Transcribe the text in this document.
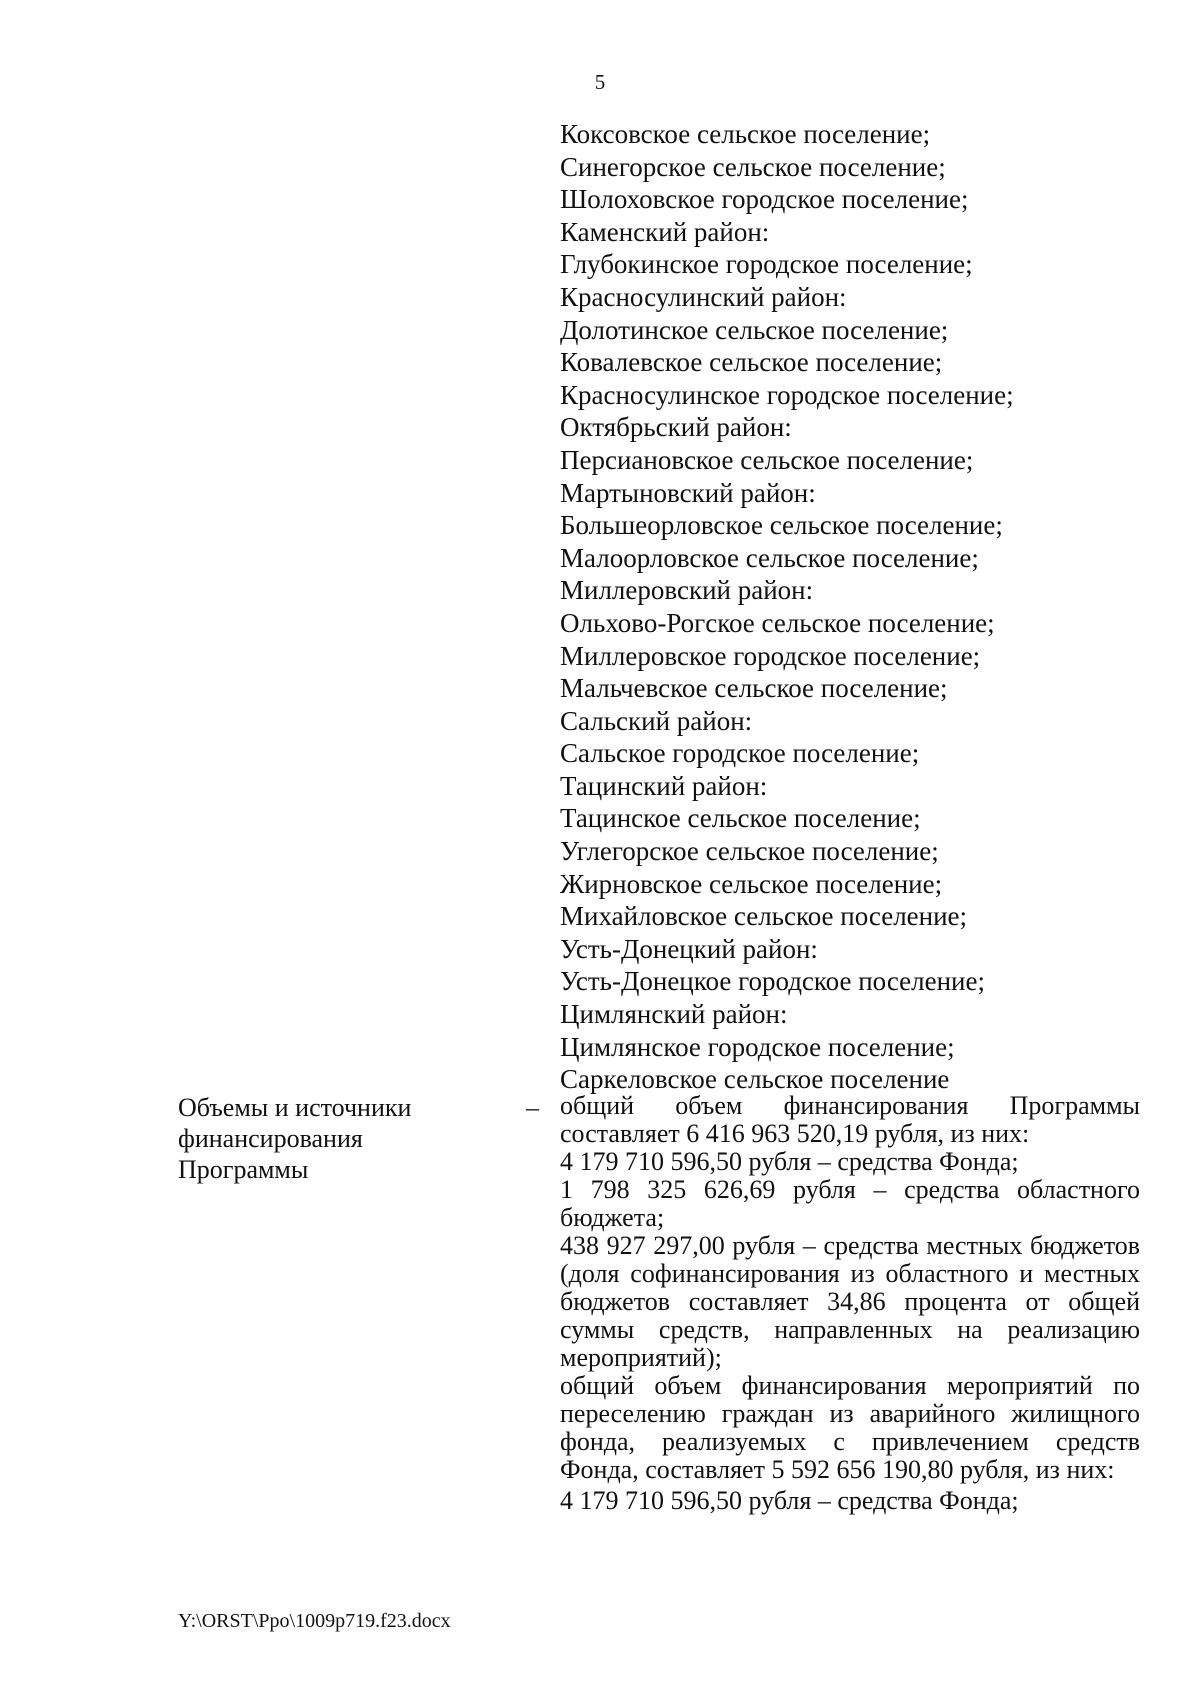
5
Коксовское сельское поселение;
Синегорское сельское поселение;
Шолоховское городское поселение;
Каменский район:
Глубокинское городское поселение;
Красносулинский район:
Долотинское сельское поселение;
Ковалевское сельское поселение;
Красносулинское городское поселение;
Октябрьский район:
Персиановское сельское поселение;
Мартыновский район:
Большеорловское сельское поселение;
Малоорловское сельское поселение;
Миллеровский район:
Ольхово-Рогское сельское поселение;
Миллеровское городское поселение;
Мальчевское сельское поселение;
Сальский район:
Сальское городское поселение;
Тацинский район:
Тацинское сельское поселение;
Углегорское сельское поселение;
Жирновское сельское поселение;
Михайловское сельское поселение;
Усть-Донецкий район:
Усть-Донецкое городское поселение;
Цимлянский район:
Цимлянское городское поселение;
Саркеловское сельское поселение
Объемы и источники финансирования Программы
– общий объем финансирования Программы составляет 6 416 963 520,19 рубля, из них:

4 179 710 596,50 рубля – средства Фонда;

1 798 325 626,69 рубля – средства областного бюджета;

438 927 297,00 рубля – средства местных бюджетов (доля софинансирования из областного и местных бюджетов составляет 34,86 процента от общей суммы средств, направленных на реализацию мероприятий);

общий объем финансирования мероприятий по переселению граждан из аварийного жилищного фонда, реализуемых с привлечением средств Фонда, составляет 5 592 656 190,80 рубля, из них:

4 179 710 596,50 рубля – средства Фонда;

Y:\ORST\Ppo\1009p719.f23.docx
